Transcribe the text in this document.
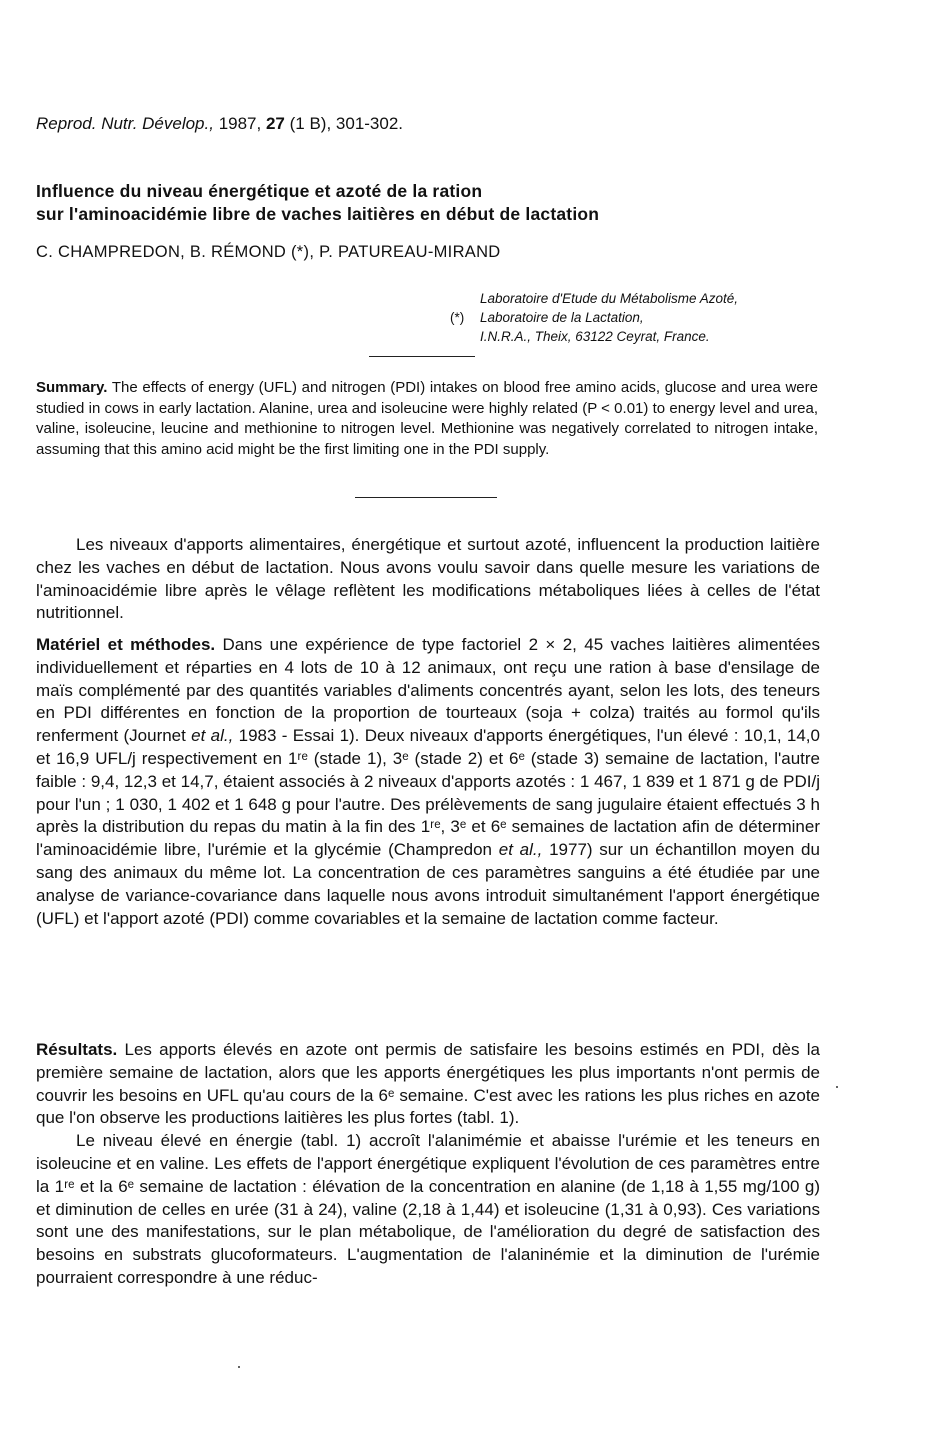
Reprod. Nutr. Dévelop., 1987, 27 (1 B), 301-302.
Influence du niveau énergétique et azoté de la ration
sur l'aminoacidémie libre de vaches laitières en début de lactation
C. CHAMPREDON, B. RÉMOND (*), P. PATUREAU-MIRAND
Laboratoire d'Etude du Métabolisme Azoté,
(*) Laboratoire de la Lactation,
I.N.R.A., Theix, 63122 Ceyrat, France.
Summary. The effects of energy (UFL) and nitrogen (PDI) intakes on blood free amino acids, glucose and urea were studied in cows in early lactation. Alanine, urea and isoleucine were highly related (P < 0.01) to energy level and urea, valine, isoleucine, leucine and methionine to nitrogen level. Methionine was negatively correlated to nitrogen intake, assuming that this amino acid might be the first limiting one in the PDI supply.
Les niveaux d'apports alimentaires, énergétique et surtout azoté, influencent la production laitière chez les vaches en début de lactation. Nous avons voulu savoir dans quelle mesure les variations de l'aminoacidémie libre après le vêlage reflètent les modifications métaboliques liées à celles de l'état nutritionnel.

Matériel et méthodes. Dans une expérience de type factoriel 2 × 2, 45 vaches laitières alimentées individuellement et réparties en 4 lots de 10 à 12 animaux, ont reçu une ration à base d'ensilage de maïs complémenté par des quantités variables d'aliments concentrés ayant, selon les lots, des teneurs en PDI différentes en fonction de la proportion de tourteaux (soja + colza) traités au formol qu'ils renferment (Journet et al., 1983 - Essai 1). Deux niveaux d'apports énergétiques, l'un élevé : 10,1, 14,0 et 16,9 UFL/j respectivement en 1ʳᵉ (stade 1), 3ᵉ (stade 2) et 6ᵉ (stade 3) semaine de lactation, l'autre faible : 9,4, 12,3 et 14,7, étaient associés à 2 niveaux d'apports azotés : 1 467, 1 839 et 1 871 g de PDI/j pour l'un ; 1 030, 1 402 et 1 648 g pour l'autre. Des prélèvements de sang jugulaire étaient effectués 3 h après la distribution du repas du matin à la fin des 1ʳᵉ, 3ᵉ et 6ᵉ semaines de lactation afin de déterminer l'aminoacidémie libre, l'urémie et la glycémie (Champredon et al., 1977) sur un échantillon moyen du sang des animaux du même lot. La concentration de ces paramètres sanguins a été étudiée par une analyse de variance-covariance dans laquelle nous avons introduit simultanément l'apport énergétique (UFL) et l'apport azoté (PDI) comme covariables et la semaine de lactation comme facteur.

Résultats. Les apports élevés en azote ont permis de satisfaire les besoins estimés en PDI, dès la première semaine de lactation, alors que les apports énergétiques les plus importants n'ont permis de couvrir les besoins en UFL qu'au cours de la 6ᵉ semaine. C'est avec les rations les plus riches en azote que l'on observe les productions laitières les plus fortes (tabl. 1).

Le niveau élevé en énergie (tabl. 1) accroît l'alanimémie et abaisse l'urémie et les teneurs en isoleucine et en valine. Les effets de l'apport énergétique expliquent l'évolution de ces paramètres entre la 1ʳᵉ et la 6ᵉ semaine de lactation : élévation de la concentration en alanine (de 1,18 à 1,55 mg/100 g) et diminution de celles en urée (31 à 24), valine (2,18 à 1,44) et isoleucine (1,31 à 0,93). Ces variations sont une des manifestations, sur le plan métabolique, de l'amélioration du degré de satisfaction des besoins en substrats glucoformateurs. L'augmentation de l'alaninémie et la diminution de l'urémie pourraient correspondre à une réduc-
